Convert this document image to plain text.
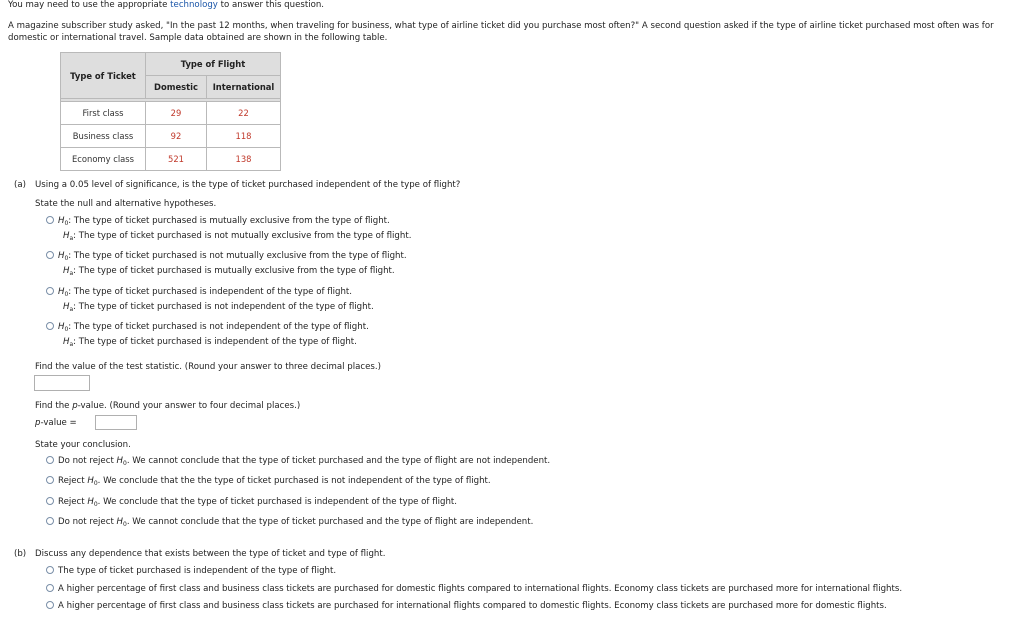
You may need to use the appropriate technology to answer this question.
A magazine subscriber study asked, "In the past 12 months, when traveling for business, what type of airline ticket did you purchase most often?" A second question asked if the type of airline ticket purchased most often was for
domestic or international travel. Sample data obtained are shown in the following table.
Type of Ticket	Type of Flight	
	Domestic	International

First class	29	22
Business class	92	118
Economy class	521	138
(a) Using a 0.05 level of significance, is the type of ticket purchased independent of the type of flight?
State the null and alternative hypotheses.
$H_0$: The type of ticket purchased is mutually exclusive from the type of flight.
$H_a$: The type of ticket purchased is not mutually exclusive from the type of flight.
$H_0$: The type of ticket purchased is not mutually exclusive from the type of flight.
$H_a$: The type of ticket purchased is mutually exclusive from the type of flight.
$H_0$: The type of ticket purchased is independent of the type of flight.
$H_a$: The type of ticket purchased is not independent of the type of flight.
$H_0$: The type of ticket purchased is not independent of the type of flight.
$H_a$: The type of ticket purchased is independent of the type of flight.
Find the value of the test statistic. (Round your answer to three decimal places.)
Find the p-value. (Round your answer to four decimal places.)
p-value =
State your conclusion.
Do not reject $H_0$. We cannot conclude that the type of ticket purchased and the type of flight are not independent.
Reject $H_0$. We conclude that the the type of ticket purchased is not independent of the type of flight.
Reject $H_0$. We conclude that the type of ticket purchased is independent of the type of flight.
Do not reject $H_0$. We cannot conclude that the type of ticket purchased and the type of flight are independent.
(b) Discuss any dependence that exists between the type of ticket and type of flight.
The type of ticket purchased is independent of the type of flight.
A higher percentage of first class and business class tickets are purchased for domestic flights compared to international flights. Economy class tickets are purchased more for international flights.
A higher percentage of first class and business class tickets are purchased for international flights compared to domestic flights. Economy class tickets are purchased more for domestic flights.
